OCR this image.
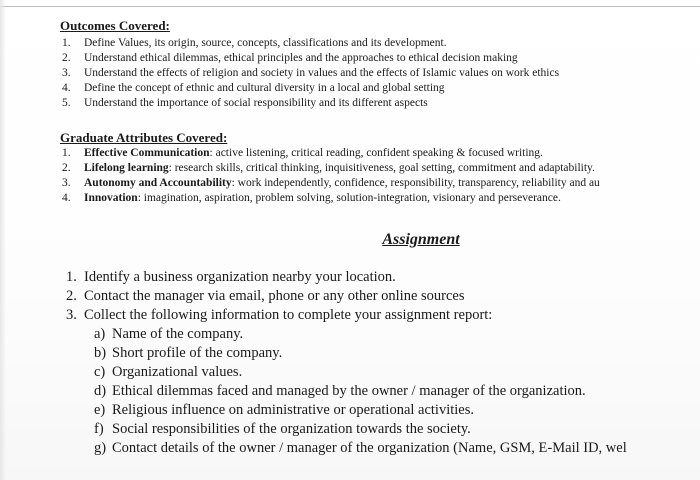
Outcomes Covered:
1.	Define Values, its origin, source, concepts, classifications and its development.
2.	Understand ethical dilemmas, ethical principles and the approaches to ethical decision making
3.	Understand the effects of religion and society in values and the effects of Islamic values on work ethics
4.	Define the concept of ethnic and cultural diversity in a local and global setting
5.	Understand the importance of social responsibility and its different aspects
Graduate Attributes Covered:
1.	Effective Communication: active listening, critical reading, confident speaking & focused writing.
2.	Lifelong learning: research skills, critical thinking, inquisitiveness, goal setting, commitment and adaptability.
3.	Autonomy and Accountability: work independently, confidence, responsibility, transparency, reliability and au
4.	Innovation: imagination, aspiration, problem solving, solution-integration, visionary and perseverance.
Assignment
1. Identify a business organization nearby your location.
2. Contact the manager via email, phone or any other online sources
3. Collect the following information to complete your assignment report:
a) Name of the company.
b) Short profile of the company.
c) Organizational values.
d) Ethical dilemmas faced and managed by the owner / manager of the organization.
e) Religious influence on administrative or operational activities.
f) Social responsibilities of the organization towards the society.
g) Contact details of the owner / manager of the organization (Name, GSM, E-Mail ID, wel
